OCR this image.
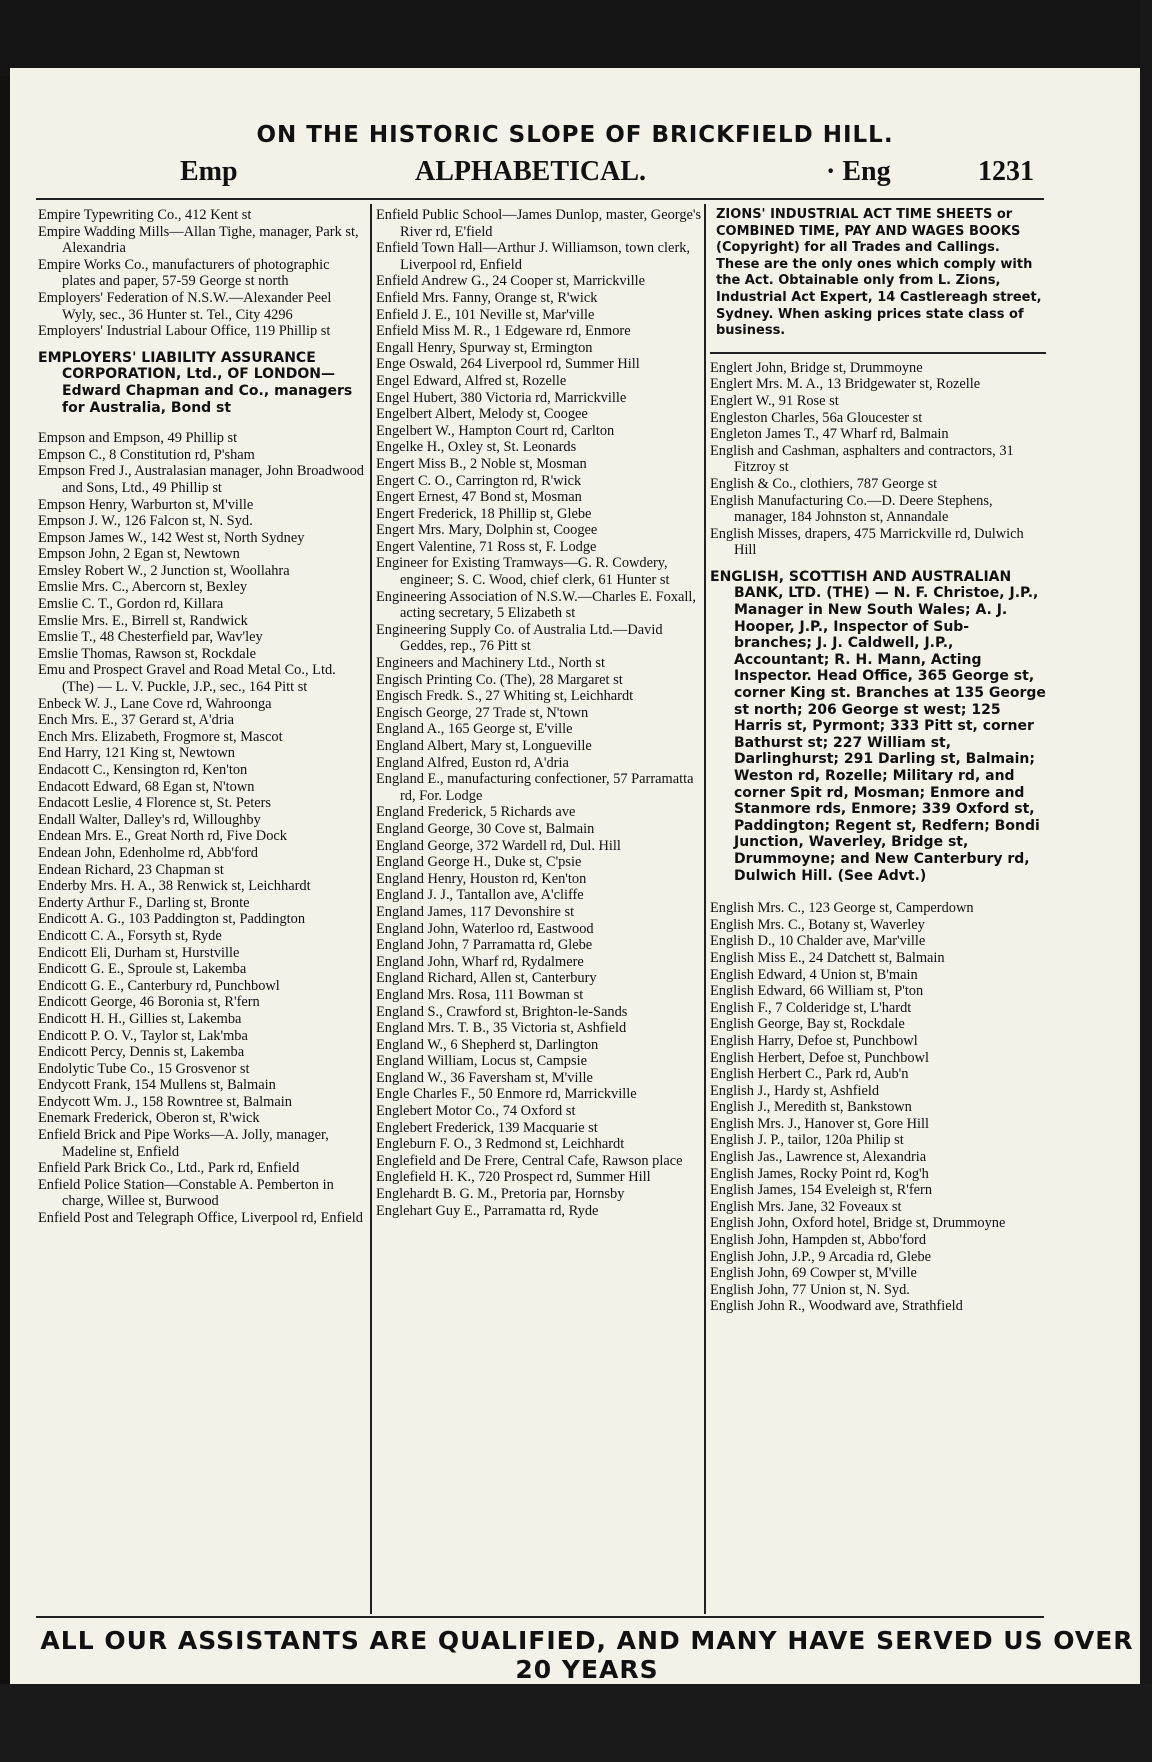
ON THE HISTORIC SLOPE OF BRICKFIELD HILL.
Emp	ALPHABETICAL.	· Eng	1231
Empire Typewriting Co., 412 Kent st
Empire Wadding Mills—Allan Tighe, manager, Park st, Alexandria
Empire Works Co., manufacturers of photographic plates and paper, 57-59 George st north
Employers' Federation of N.S.W.—Alexander Peel Wyly, sec., 36 Hunter st. Tel., City 4296
Employers' Industrial Labour Office, 119 Phillip st
EMPLOYERS' LIABILITY ASSURANCE CORPORATION, Ltd., OF LONDON—Edward Chapman and Co., managers for Australia, Bond st
Empson and Empson, 49 Phillip st
Empson C., 8 Constitution rd, P'sham
Empson Fred J., Australasian manager, John Broadwood and Sons, Ltd., 49 Phillip st
Empson Henry, Warburton st, M'ville
Empson J. W., 126 Falcon st, N. Syd.
Empson James W., 142 West st, North Sydney
Empson John, 2 Egan st, Newtown
Emsley Robert W., 2 Junction st, Woollahra
Emslie Mrs. C., Abercorn st, Bexley
Emslie C. T., Gordon rd, Killara
Emslie Mrs. E., Birrell st, Randwick
Emslie T., 48 Chesterfield par, Wav'ley
Emslie Thomas, Rawson st, Rockdale
Emu and Prospect Gravel and Road Metal Co., Ltd. (The) — L. V. Puckle, J.P., sec., 164 Pitt st
Enbeck W. J., Lane Cove rd, Wahroonga
Ench Mrs. E., 37 Gerard st, A'dria
Ench Mrs. Elizabeth, Frogmore st, Mascot
End Harry, 121 King st, Newtown
Endacott C., Kensington rd, Ken'ton
Endacott Edward, 68 Egan st, N'town
Endacott Leslie, 4 Florence st, St. Peters
Endall Walter, Dalley's rd, Willoughby
Endean Mrs. E., Great North rd, Five Dock
Endean John, Edenholme rd, Abb'ford
Endean Richard, 23 Chapman st
Enderby Mrs. H. A., 38 Renwick st, Leichhardt
Enderty Arthur F., Darling st, Bronte
Endicott A. G., 103 Paddington st, Paddington
Endicott C. A., Forsyth st, Ryde
Endicott Eli, Durham st, Hurstville
Endicott G. E., Sproule st, Lakemba
Endicott G. E., Canterbury rd, Punchbowl
Endicott George, 46 Boronia st, R'fern
Endicott H. H., Gillies st, Lakemba
Endicott P. O. V., Taylor st, Lak'mba
Endicott Percy, Dennis st, Lakemba
Endolytic Tube Co., 15 Grosvenor st
Endycott Frank, 154 Mullens st, Balmain
Endycott Wm. J., 158 Rowntree st, Balmain
Enemark Frederick, Oberon st, R'wick
Enfield Brick and Pipe Works—A. Jolly, manager, Madeline st, Enfield
Enfield Park Brick Co., Ltd., Park rd, Enfield
Enfield Police Station—Constable A. Pemberton in charge, Willee st, Burwood
Enfield Post and Telegraph Office, Liverpool rd, Enfield
Enfield Public School—James Dunlop, master, George's River rd, E'field
Enfield Town Hall—Arthur J. Williamson, town clerk, Liverpool rd, Enfield
Enfield Andrew G., 24 Cooper st, Marrickville
Enfield Mrs. Fanny, Orange st, R'wick
Enfield J. E., 101 Neville st, Mar'ville
Enfield Miss M. R., 1 Edgeware rd, Enmore
Engall Henry, Spurway st, Ermington
Enge Oswald, 264 Liverpool rd, Summer Hill
Engel Edward, Alfred st, Rozelle
Engel Hubert, 380 Victoria rd, Marrickville
Engelbert Albert, Melody st, Coogee
Engelbert W., Hampton Court rd, Carlton
Engelke H., Oxley st, St. Leonards
Engert Miss B., 2 Noble st, Mosman
Engert C. O., Carrington rd, R'wick
Engert Ernest, 47 Bond st, Mosman
Engert Frederick, 18 Phillip st, Glebe
Engert Mrs. Mary, Dolphin st, Coogee
Engert Valentine, 71 Ross st, F. Lodge
Engineer for Existing Tramways—G. R. Cowdery, engineer; S. C. Wood, chief clerk, 61 Hunter st
Engineering Association of N.S.W.—Charles E. Foxall, acting secretary, 5 Elizabeth st
Engineering Supply Co. of Australia Ltd.—David Geddes, rep., 76 Pitt st
Engineers and Machinery Ltd., North st
Engisch Printing Co. (The), 28 Margaret st
Engisch Fredk. S., 27 Whiting st, Leichhardt
Engisch George, 27 Trade st, N'town
England A., 165 George st, E'ville
England Albert, Mary st, Longueville
England Alfred, Euston rd, A'dria
England E., manufacturing confectioner, 57 Parramatta rd, For. Lodge
England Frederick, 5 Richards ave
England George, 30 Cove st, Balmain
England George, 372 Wardell rd, Dul. Hill
England George H., Duke st, C'psie
England Henry, Houston rd, Ken'ton
England J. J., Tantallon ave, A'cliffe
England James, 117 Devonshire st
England John, Waterloo rd, Eastwood
England John, 7 Parramatta rd, Glebe
England John, Wharf rd, Rydalmere
England Richard, Allen st, Canterbury
England Mrs. Rosa, 111 Bowman st
England S., Crawford st, Brighton-le-Sands
England Mrs. T. B., 35 Victoria st, Ashfield
England W., 6 Shepherd st, Darlington
England William, Locus st, Campsie
England W., 36 Faversham st, M'ville
Engle Charles F., 50 Enmore rd, Marrickville
Englebert Motor Co., 74 Oxford st
Englebert Frederick, 139 Macquarie st
Engleburn F. O., 3 Redmond st, Leichhardt
Englefield and De Frere, Central Cafe, Rawson place
Englefield H. K., 720 Prospect rd, Summer Hill
Englehardt B. G. M., Pretoria par, Hornsby
Englehart Guy E., Parramatta rd, Ryde
ZIONS' INDUSTRIAL ACT TIME SHEETS or COMBINED TIME, PAY AND WAGES BOOKS (Copyright) for all Trades and Callings. These are the only ones which comply with the Act. Obtainable only from L. Zions, Industrial Act Expert, 14 Castlereagh street, Sydney. When asking prices state class of business.
Englert John, Bridge st, Drummoyne
Englert Mrs. M. A., 13 Bridgewater st, Rozelle
Englert W., 91 Rose st
Engleston Charles, 56a Gloucester st
Engleton James T., 47 Wharf rd, Balmain
English and Cashman, asphalters and contractors, 31 Fitzroy st
English & Co., clothiers, 787 George st
English Manufacturing Co.—D. Deere Stephens, manager, 184 Johnston st, Annandale
English Misses, drapers, 475 Marrickville rd, Dulwich Hill
ENGLISH, SCOTTISH AND AUSTRALIAN BANK, LTD. (THE) — N. F. Christoe, J.P., Manager in New South Wales; A. J. Hooper, J.P., Inspector of Sub-branches; J. J. Caldwell, J.P., Accountant; R. H. Mann, Acting Inspector. Head Office, 365 George st, corner King st. Branches at 135 George st north; 206 George st west; 125 Harris st, Pyrmont; 333 Pitt st, corner Bathurst st; 227 William st, Darlinghurst; 291 Darling st, Balmain; Weston rd, Rozelle; Military rd, and corner Spit rd, Mosman; Enmore and Stanmore rds, Enmore; 339 Oxford st, Paddington; Regent st, Redfern; Bondi Junction, Waverley, Bridge st, Drummoyne; and New Canterbury rd, Dulwich Hill. (See Advt.)
English Mrs. C., 123 George st, Camperdown
English Mrs. C., Botany st, Waverley
English D., 10 Chalder ave, Mar'ville
English Miss E., 24 Datchett st, Balmain
English Edward, 4 Union st, B'main
English Edward, 66 William st, P'ton
English F., 7 Colderidge st, L'hardt
English George, Bay st, Rockdale
English Harry, Defoe st, Punchbowl
English Herbert, Defoe st, Punchbowl
English Herbert C., Park rd, Aub'n
English J., Hardy st, Ashfield
English J., Meredith st, Bankstown
English Mrs. J., Hanover st, Gore Hill
English J. P., tailor, 120a Philip st
English Jas., Lawrence st, Alexandria
English James, Rocky Point rd, Kog'h
English James, 154 Eveleigh st, R'fern
English Mrs. Jane, 32 Foveaux st
English John, Oxford hotel, Bridge st, Drummoyne
English John, Hampden st, Abbo'ford
English John, J.P., 9 Arcadia rd, Glebe
English John, 69 Cowper st, M'ville
English John, 77 Union st, N. Syd.
English John R., Woodward ave, Strathfield
ALL OUR ASSISTANTS ARE QUALIFIED, AND MANY HAVE SERVED US OVER 20 YEARS
